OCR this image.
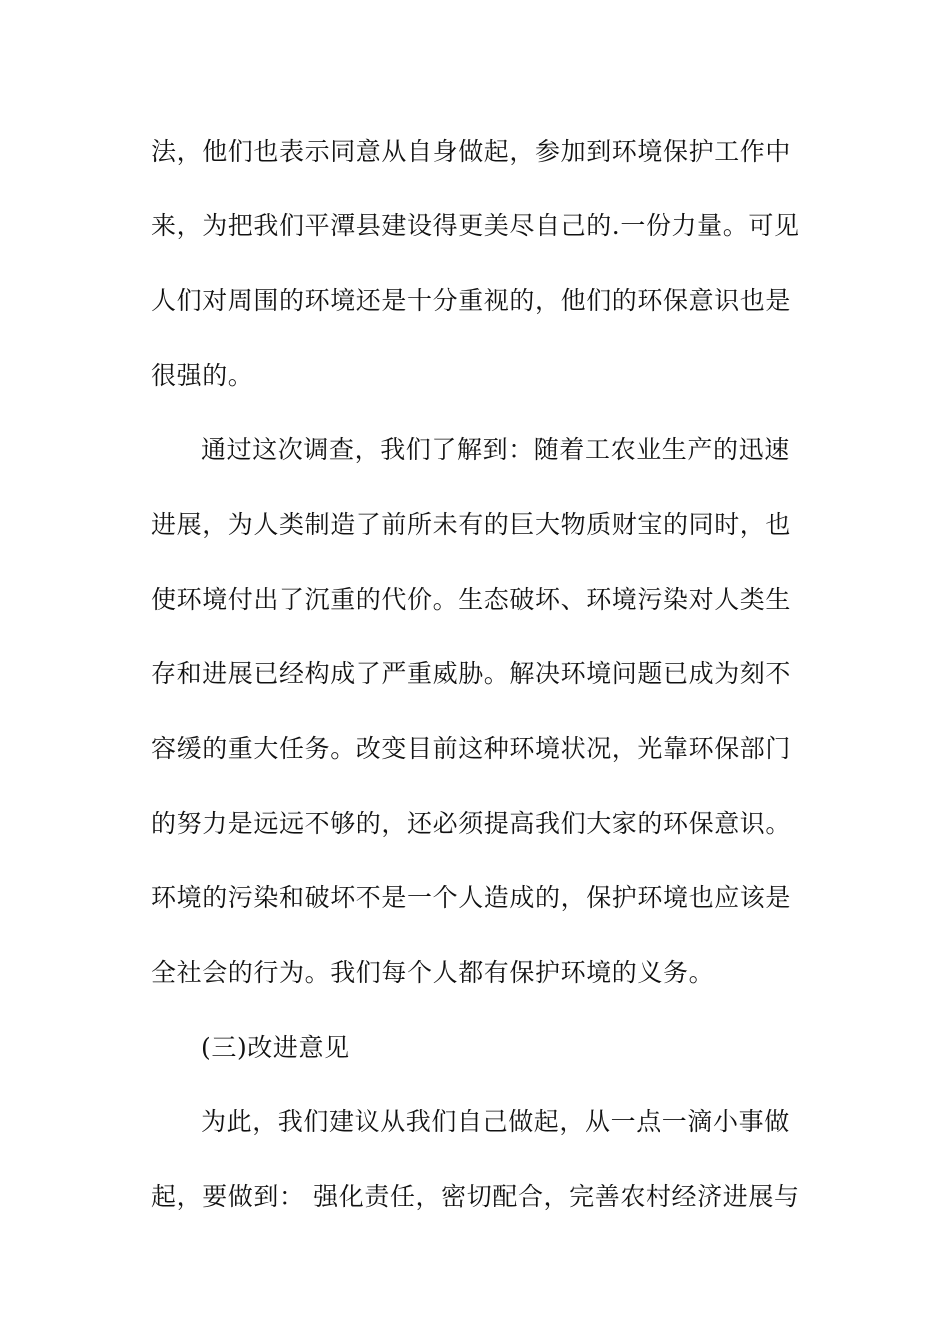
法，他们也表示同意从自身做起，参加到环境保护工作中
来，为把我们平潭县建设得更美尽自己的.一份力量。可见
人们对周围的环境还是十分重视的，他们的环保意识也是
很强的。
通过这次调查，我们了解到：随着工农业生产的迅速
进展，为人类制造了前所未有的巨大物质财宝的同时，也
使环境付出了沉重的代价。生态破坏、环境污染对人类生
存和进展已经构成了严重威胁。解决环境问题已成为刻不
容缓的重大任务。改变目前这种环境状况，光靠环保部门
的努力是远远不够的，还必须提高我们大家的环保意识。
环境的污染和破坏不是一个人造成的，保护环境也应该是
全社会的行为。我们每个人都有保护环境的义务。
(三)改进意见
为此，我们建议从我们自己做起，从一点一滴小事做
起，要做到： 强化责任，密切配合，完善农村经济进展与
